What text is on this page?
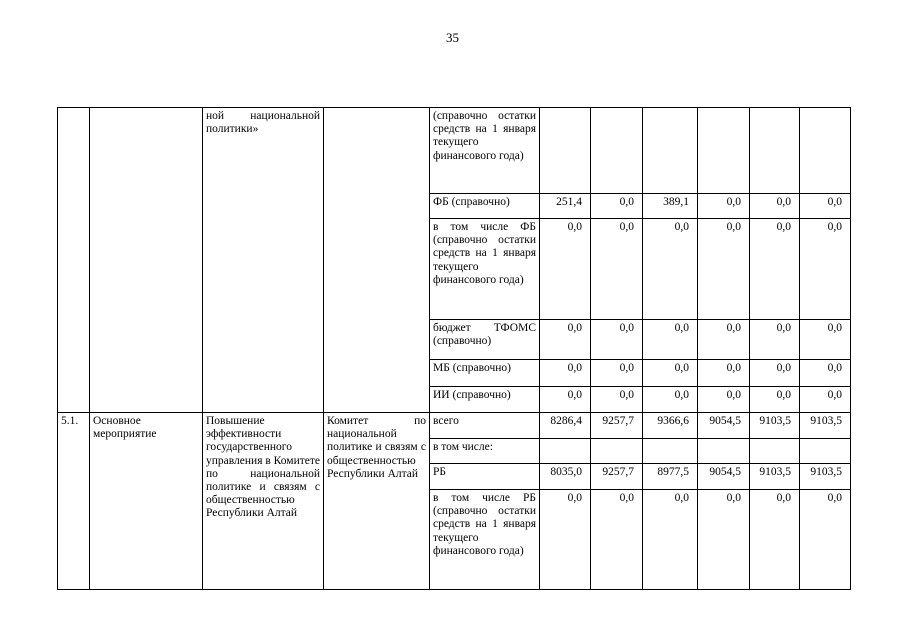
35

		ной национальной политики»		(справочно остатки средств на 1 января текущего финансового года)						
				ФБ (справочно)	251,4	0,0	389,1	0,0	0,0	0,0
				в том числе ФБ (справочно остатки средств на 1 января текущего финансового года)	0,0	0,0	0,0	0,0	0,0	0,0
				бюджет ТФОМС (справочно)	0,0	0,0	0,0	0,0	0,0	0,0
				МБ (справочно)	0,0	0,0	0,0	0,0	0,0	0,0
				ИИ (справочно)	0,0	0,0	0,0	0,0	0,0	0,0
5.1.	Основное мероприятие	Повышение эффективности государственного управления в Комитете по национальной политике и связям с общественностью Республики Алтай	Комитет по национальной политике и связям с общественностью Республики Алтай	всего	8286,4	9257,7	9366,6	9054,5	9103,5	9103,5
				в том числе:						
				РБ	8035,0	9257,7	8977,5	9054,5	9103,5	9103,5
				в том числе РБ (справочно остатки средств на 1 января текущего финансового года)	0,0	0,0	0,0	0,0	0,0	0,0
